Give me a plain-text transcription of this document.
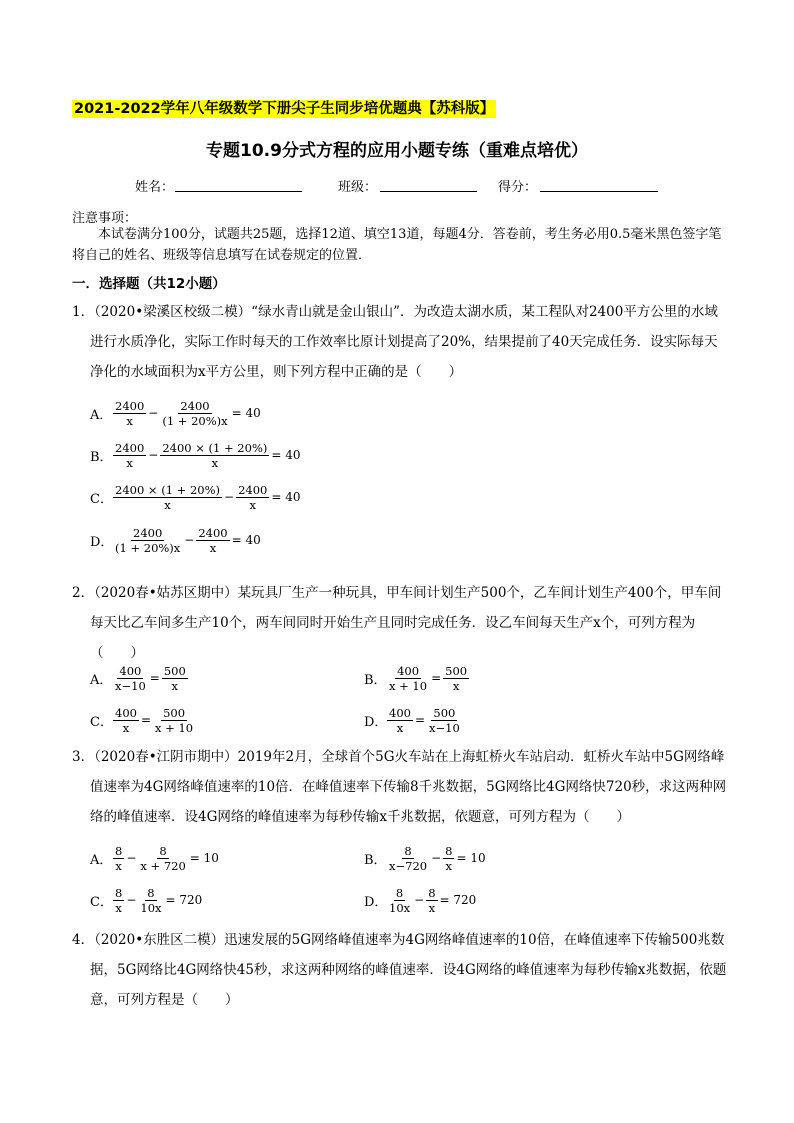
2021-2022学年八年级数学下册尖子生同步培优题典【苏科版】
专题10.9分式方程的应用小题专练（重难点培优）
姓名：	班级：	得分：
注意事项：

本试卷满分100分，试题共25题，选择12道、填空13道，每题4分．答卷前，考生务必用0.5毫米黑色签字笔将自己的姓名、班级等信息填写在试卷规定的位置．

一．选择题（共12小题）
1．（2020•梁溪区校级二模）“绿水青山就是金山银山”．为改造太湖水质，某工程队对2400平方公里的水域进行水质净化，实际工作时每天的工作效率比原计划提高了20%，结果提前了40天完成任务．设实际每天净化的水域面积为x平方公里，则下列方程中正确的是（　　）
A． $\frac{2400}{x} - \frac{2400}{(1 + 20\%)x} = 40$
B． $\frac{2400}{x} - \frac{2400 \times (1 + 20\%)}{x} = 40$
C． $\frac{2400 \times (1 + 20\%)}{x} - \frac{2400}{x} = 40$
D． $\frac{2400}{(1 + 20\%)x} - \frac{2400}{x} = 40$
2．（2020春•姑苏区期中）某玩具厂生产一种玩具，甲车间计划生产500个，乙车间计划生产400个，甲车间每天比乙车间多生产10个，两车间同时开始生产且同时完成任务．设乙车间每天生产x个，可列方程为（　　）
A． $\frac{400}{x-10} = \frac{500}{x}$	B． $\frac{400}{x + 10} = \frac{500}{x}$
C． $\frac{400}{x} = \frac{500}{x + 10}$	D． $\frac{400}{x} = \frac{500}{x-10}$
3．（2020春•江阴市期中）2019年2月，全球首个5G火车站在上海虹桥火车站启动．虹桥火车站中5G网络峰值速率为4G网络峰值速率的10倍．在峰值速率下传输8千兆数据，5G网络比4G网络快720秒，求这两种网络的峰值速率．设4G网络的峰值速率为每秒传输x千兆数据，依题意，可列方程为（　　）
A． $\frac{8}{x} - \frac{8}{x + 720} = 10$	B． $\frac{8}{x-720} - \frac{8}{x} = 10$
C． $\frac{8}{x} - \frac{8}{10x} = 720$	D． $\frac{8}{10x} - \frac{8}{x} = 720$
4．（2020•东胜区二模）迅速发展的5G网络峰值速率为4G网络峰值速率的10倍，在峰值速率下传输500兆数据，5G网络比4G网络快45秒，求这两种网络的峰值速率．设4G网络的峰值速率为每秒传输x兆数据，依题意，可列方程是（　　）
